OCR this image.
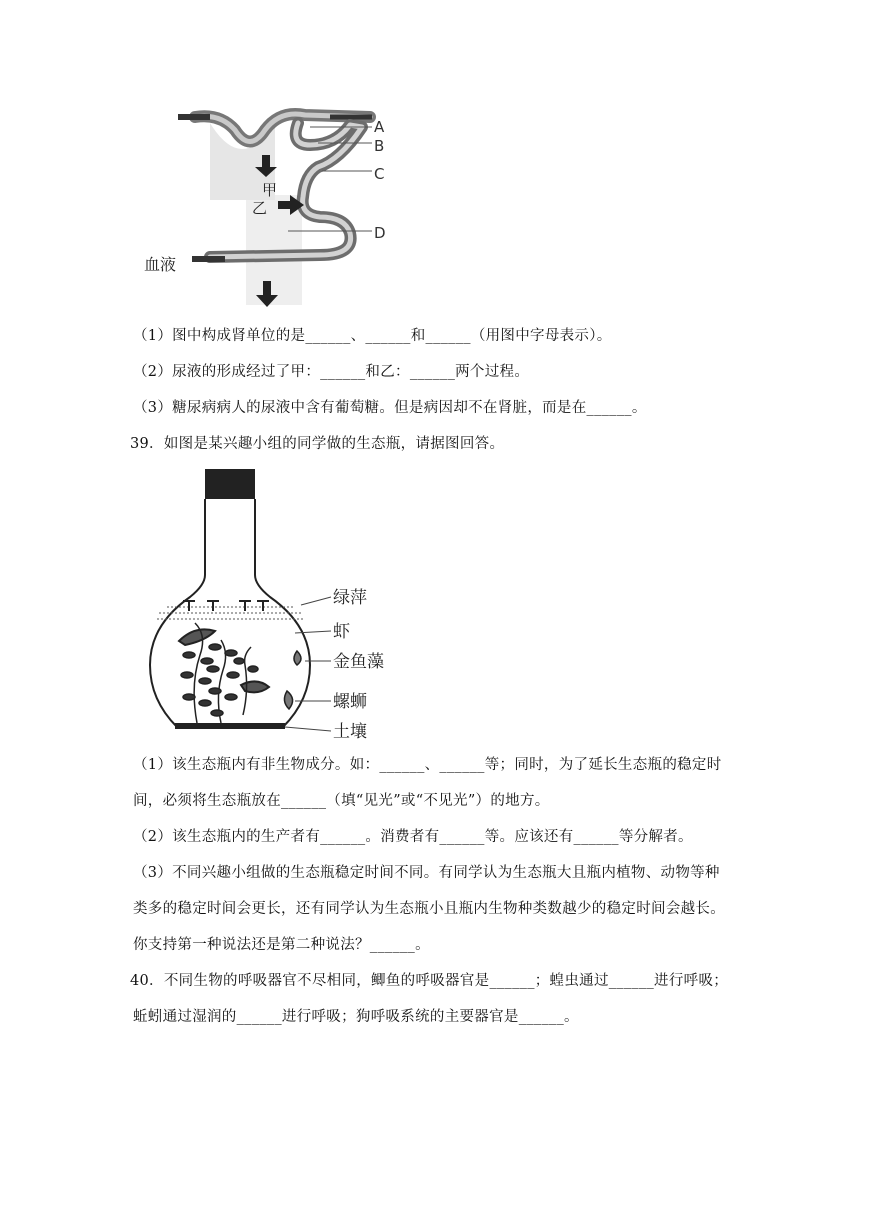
A
B
C
D
甲
乙
血液
（1）图中构成肾单位的是______、______和______（用图中字母表示）。
（2）尿液的形成经过了甲：______和乙：______两个过程。
（3）糖尿病病人的尿液中含有葡萄糖。但是病因却不在肾脏，而是在______。
39．如图是某兴趣小组的同学做的生态瓶，请据图回答。
绿萍
虾
金鱼藻
螺蛳
土壤
（1）该生态瓶内有非生物成分。如：______、______等；同时，为了延长生态瓶的稳定时
间，必须将生态瓶放在______（填“见光”或“不见光”）的地方。
（2）该生态瓶内的生产者有______。消费者有______等。应该还有______等分解者。
（3）不同兴趣小组做的生态瓶稳定时间不同。有同学认为生态瓶大且瓶内植物、动物等种
类多的稳定时间会更长，还有同学认为生态瓶小且瓶内生物种类数越少的稳定时间会越长。
你支持第一种说法还是第二种说法？______。
40．不同生物的呼吸器官不尽相同，鲫鱼的呼吸器官是______；蝗虫通过______进行呼吸；
蚯蚓通过湿润的______进行呼吸；狗呼吸系统的主要器官是______。
